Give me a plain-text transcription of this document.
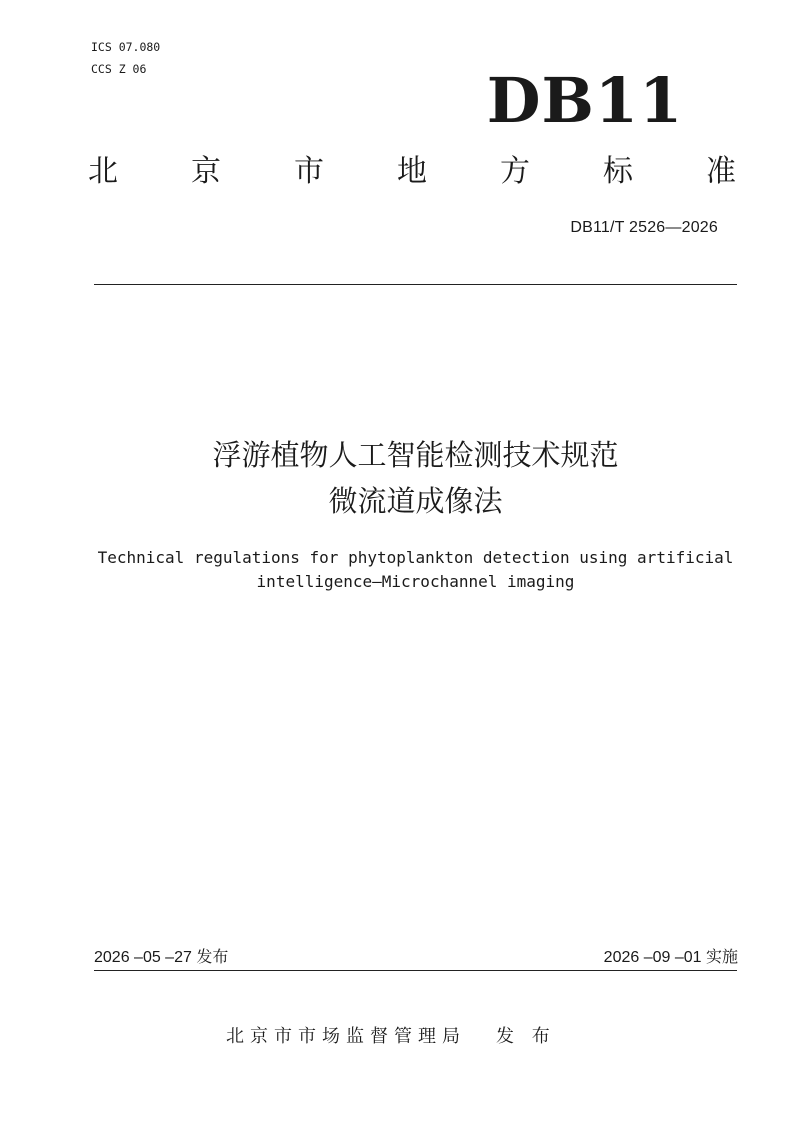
ICS 07.080
CCS Z 06	DB11
北 京 市 地 方 标 准
DB11/T 2526—2026
浮游植物人工智能检测技术规范
微流道成像法
Technical regulations for phytoplankton detection using artificial
intelligence—Microchannel imaging
2026 –05 –27 发布	2026 –09 –01 实施
北京市市场监督管理局 发 布
